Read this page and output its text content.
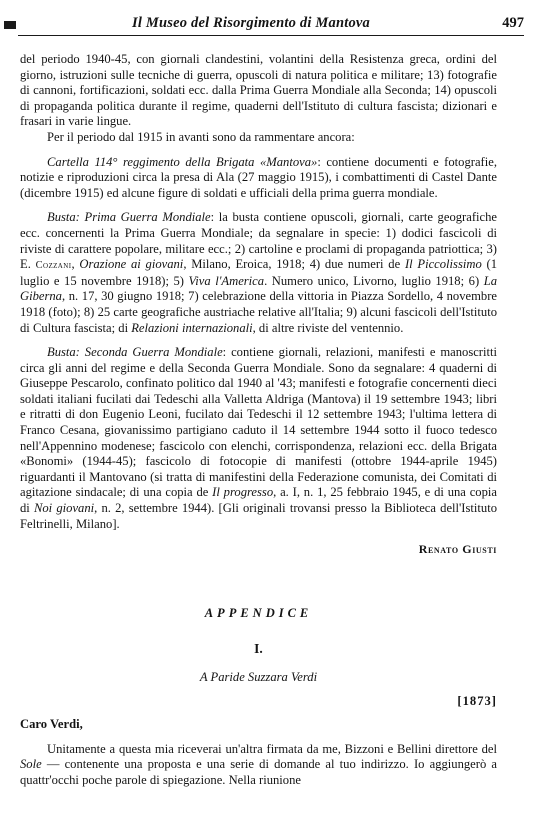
Il Museo del Risorgimento di Mantova	497

del periodo 1940-45, con giornali clandestini, volantini della Resistenza greca, ordini del giorno, istruzioni sulle tecniche di guerra, opuscoli di natura politica e militare; 13) fotografie di cannoni, fortificazioni, soldati ecc. dalla Prima Guerra Mondiale alla Seconda; 14) opuscoli di propaganda politica durante il regime, quaderni dell'Istituto di cultura fascista; dizionari e frasari in varie lingue.

Per il periodo dal 1915 in avanti sono da rammentare ancora:

Cartella 114° reggimento della Brigata «Mantova»: contiene documenti e fotografie, notizie e riproduzioni circa la presa di Ala (27 maggio 1915), i combattimenti di Castel Dante (dicembre 1915) ed alcune figure di soldati e ufficiali della prima guerra mondiale.

Busta: Prima Guerra Mondiale: la busta contiene opuscoli, giornali, carte geografiche ecc. concernenti la Prima Guerra Mondiale; da segnalare in specie: 1) dodici fascicoli di riviste di carattere popolare, militare ecc.; 2) cartoline e proclami di propaganda patriottica; 3) E. Cozzani, Orazione ai giovani, Milano, Eroica, 1918; 4) due numeri de Il Piccolissimo (1 luglio e 15 novembre 1918); 5) Viva l'America. Numero unico, Livorno, luglio 1918; 6) La Giberna, n. 17, 30 giugno 1918; 7) celebrazione della vittoria in Piazza Sordello, 4 novembre 1918 (foto); 8) 25 carte geografiche austriache relative all'Italia; 9) alcuni fascicoli dell'Istituto di Cultura fascista; di Relazioni internazionali, di altre riviste del ventennio.

Busta: Seconda Guerra Mondiale: contiene giornali, relazioni, manifesti e manoscritti circa gli anni del regime e della Seconda Guerra Mondiale. Sono da segnalare: 4 quaderni di Giuseppe Pescarolo, confinato politico dal 1940 al '43; manifesti e fotografie concernenti dieci soldati italiani fucilati dai Tedeschi alla Valletta Aldriga (Mantova) il 19 settembre 1943; libri e ritratti di don Eugenio Leoni, fucilato dai Tedeschi il 12 settembre 1943; l'ultima lettera di Franco Cesana, giovanissimo partigiano caduto il 14 settembre 1944 sotto il fuoco tedesco nell'Appennino modenese; fascicolo con elenchi, corrispondenza, relazioni ecc. della Brigata «Bonomi» (1944-45); fascicolo di fotocopie di manifesti (ottobre 1944-aprile 1945) riguardanti il Mantovano (si tratta di manifestini della Federazione comunista, dei Comitati di agitazione sindacale; di una copia de Il progresso, a. I, n. 1, 25 febbraio 1945, e di una copia di Noi giovani, n. 2, settembre 1944). [Gli originali trovansi presso la Biblioteca dell'Istituto Feltrinelli, Milano].

Renato Giusti

APPENDICE

I.

A Paride Suzzara Verdi

[1873]

Caro Verdi,

Unitamente a questa mia riceverai un'altra firmata da me, Bizzoni e Bellini direttore del Sole — contenente una proposta e una serie di domande al tuo indirizzo. Io aggiungerò a quattr'occhi poche parole di spiegazione. Nella riunione
